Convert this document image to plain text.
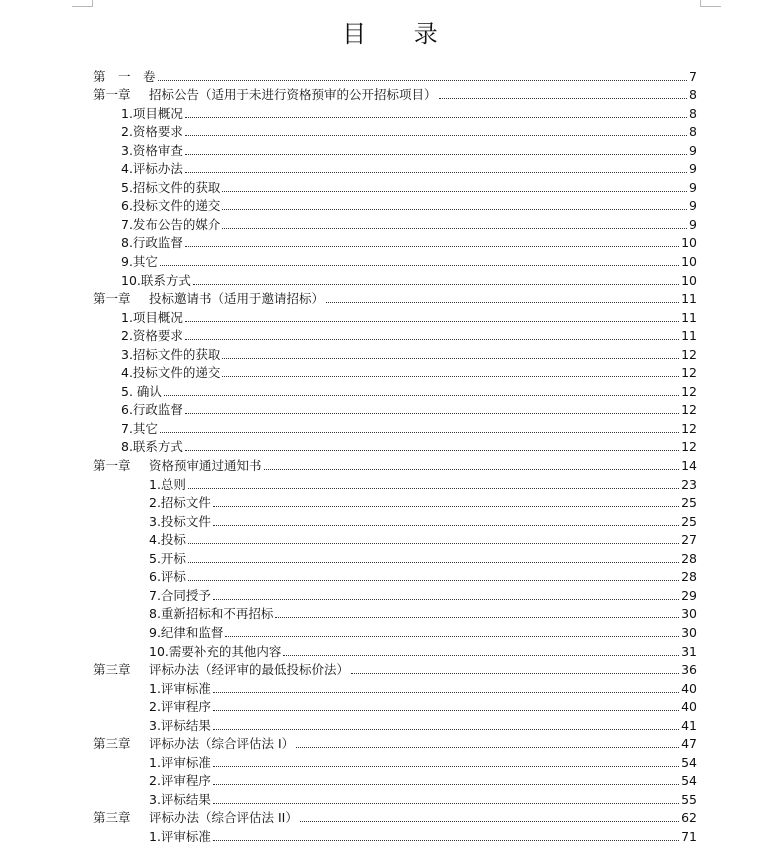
目 录
第　一　卷	7
第一章 招标公告（适用于未进行资格预审的公开招标项目）	8
1.项目概况	8
2.资格要求	8
3.资格审查	9
4.评标办法	9
5.招标文件的获取	9
6.投标文件的递交	9
7.发布公告的媒介	9
8.行政监督	10
9.其它	10
10.联系方式	10
第一章 投标邀请书（适用于邀请招标）	11
1.项目概况	11
2.资格要求	11
3.招标文件的获取	12
4.投标文件的递交	12
5. 确认	12
6.行政监督	12
7.其它	12
8.联系方式	12
第一章 资格预审通过通知书	14
1.总则	23
2.招标文件	25
3.投标文件	25
4.投标	27
5.开标	28
6.评标	28
7.合同授予	29
8.重新招标和不再招标	30
9.纪律和监督	30
10.需要补充的其他内容	31
第三章 评标办法（经评审的最低投标价法）	36
1.评审标准	40
2.评审程序	40
3.评标结果	41
第三章 评标办法（综合评估法 I）	47
1.评审标准	54
2.评审程序	54
3.评标结果	55
第三章 评标办法（综合评估法 II）	62
1.评审标准	71
